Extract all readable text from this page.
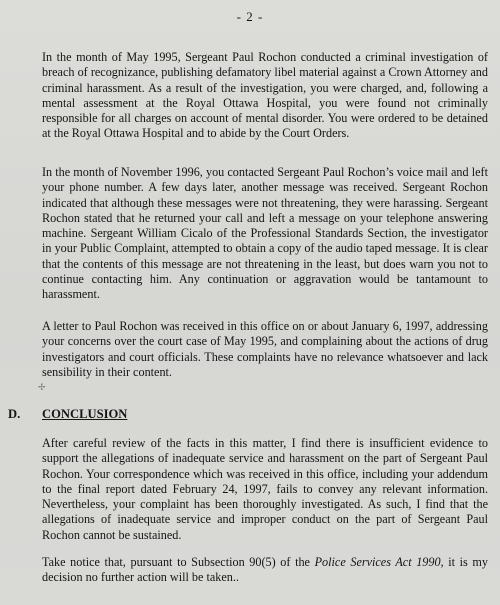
- 2 -

In the month of May 1995, Sergeant Paul Rochon conducted a criminal investigation of breach of recognizance, publishing defamatory libel material against a Crown Attorney and criminal harassment. As a result of the investigation, you were charged, and, following a mental assessment at the Royal Ottawa Hospital, you were found not criminally responsible for all charges on account of mental disorder. You were ordered to be detained at the Royal Ottawa Hospital and to abide by the Court Orders.

In the month of November 1996, you contacted Sergeant Paul Rochon’s voice mail and left your phone number. A few days later, another message was received. Sergeant Rochon indicated that although these messages were not threatening, they were harassing. Sergeant Rochon stated that he returned your call and left a message on your telephone answering machine. Sergeant William Cicalo of the Professional Standards Section, the investigator in your Public Complaint, attempted to obtain a copy of the audio taped message. It is clear that the contents of this message are not threatening in the least, but does warn you not to continue contacting him. Any continuation or aggravation would be tantamount to harassment.

A letter to Paul Rochon was received in this office on or about January 6, 1997, addressing your concerns over the court case of May 1995, and complaining about the actions of drug investigators and court officials. These complaints have no relevance whatsoever and lack sensibility in their content.

✢
D.	CONCLUSION

After careful review of the facts in this matter, I find there is insufficient evidence to support the allegations of inadequate service and harassment on the part of Sergeant Paul Rochon. Your correspondence which was received in this office, including your addendum to the final report dated February 24, 1997, fails to convey any relevant information. Nevertheless, your complaint has been thoroughly investigated. As such, I find that the allegations of inadequate service and improper conduct on the part of Sergeant Paul Rochon cannot be sustained.

Take notice that, pursuant to Subsection 90(5) of the Police Services Act 1990, it is my decision no further action will be taken..
